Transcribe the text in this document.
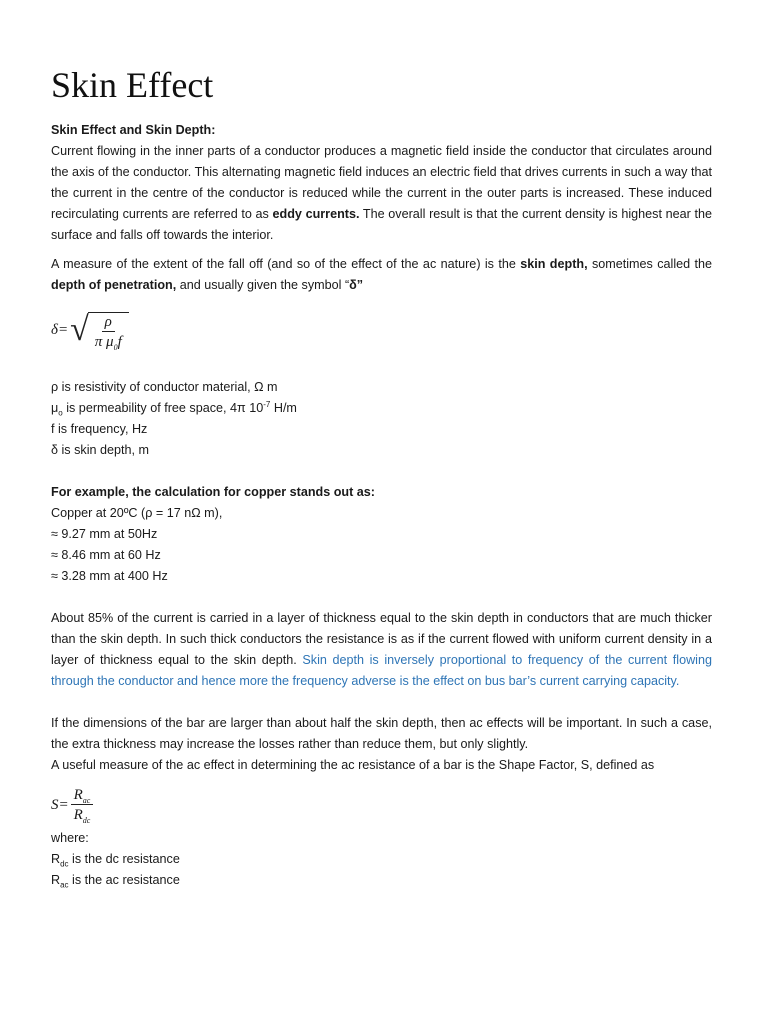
Skin Effect

Skin Effect and Skin Depth:

Current flowing in the inner parts of a conductor produces a magnetic field inside the conductor that circulates around the axis of the conductor. This alternating magnetic field induces an electric field that drives currents in such a way that the current in the centre of the conductor is reduced while the current in the outer parts is increased. These induced recirculating currents are referred to as eddy currents. The overall result is that the current density is highest near the surface and falls off towards the interior.

A measure of the extent of the fall off (and so of the effect of the ac nature) is the skin depth, sometimes called the depth of penetration, and usually given the symbol “δ”

δ= √ $\frac{\rho}{\pi \mu_0f}$

ρ is resistivity of conductor material, Ω m

$\mu_o$ is permeability of free space, 4π $10^{-7}$ H/m

f is frequency, Hz

δ is skin depth, m

For example, the calculation for copper stands out as:

Copper at 20ºC (ρ = 17 nΩ m),

≈ 9.27 mm at 50Hz

≈ 8.46 mm at 60 Hz

≈ 3.28 mm at 400 Hz

About 85% of the current is carried in a layer of thickness equal to the skin depth in conductors that are much thicker than the skin depth. In such thick conductors the resistance is as if the current flowed with uniform current density in a layer of thickness equal to the skin depth. Skin depth is inversely proportional to frequency of the current flowing through the conductor and hence more the frequency adverse is the effect on bus bar’s current carrying capacity.

If the dimensions of the bar are larger than about half the skin depth, then ac effects will be important. In such a case, the extra thickness may increase the losses rather than reduce them, but only slightly.

A useful measure of the ac effect in determining the ac resistance of a bar is the Shape Factor, S, defined as

$S= \frac{R_{ac}}{R_{dc}}$

where:

$R_{dc}$ is the dc resistance

$R_{ac}$ is the ac resistance
